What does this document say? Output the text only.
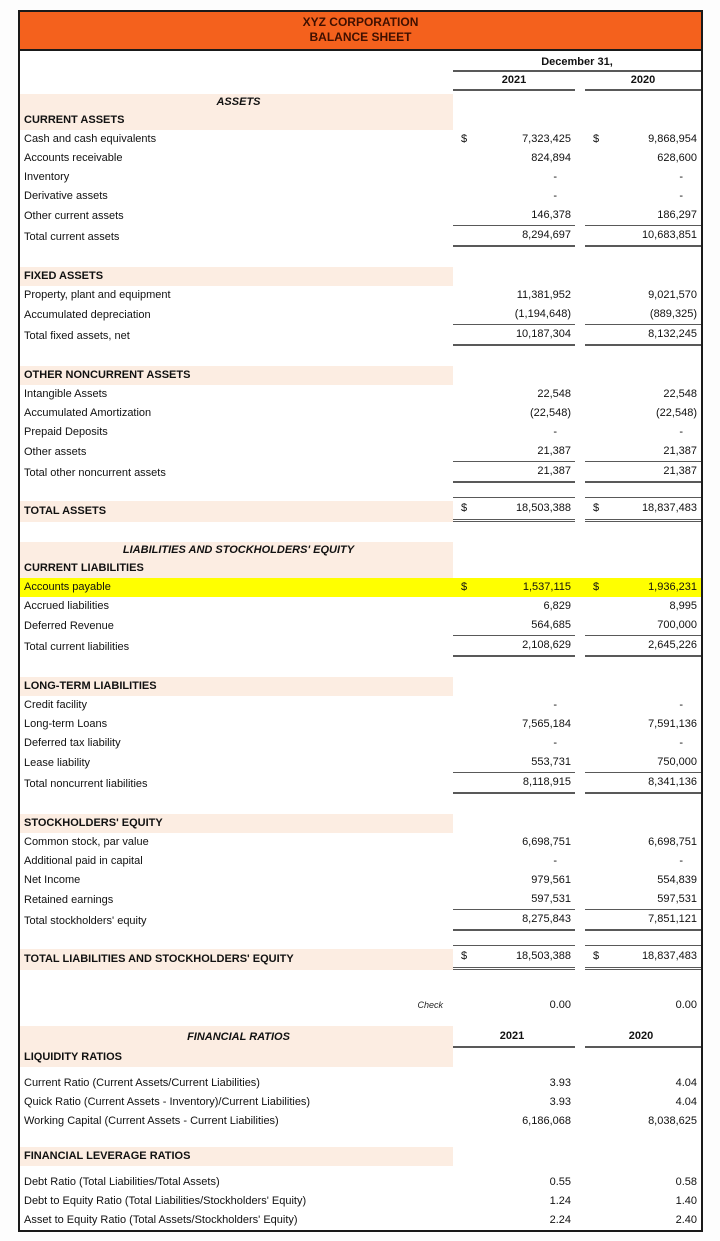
XYZ CORPORATION
BALANCE SHEET
December 31,
2021	2020
ASSETS
CURRENT ASSETS
Cash and cash equivalents	$	7,323,425	$	9,868,954
Accounts receivable	824,894	628,600
Inventory	-	-
Derivative assets	-	-
Other current assets	146,378	186,297
Total current assets	8,294,697	10,683,851
FIXED ASSETS
Property, plant and equipment	11,381,952	9,021,570
Accumulated depreciation	(1,194,648)	(889,325)
Total fixed assets, net	10,187,304	8,132,245
OTHER NONCURRENT ASSETS
Intangible Assets	22,548	22,548
Accumulated Amortization	(22,548)	(22,548)
Prepaid Deposits	-	-
Other assets	21,387	21,387
Total other noncurrent assets	21,387	21,387
TOTAL ASSETS	$	18,503,388	$	18,837,483
LIABILITIES AND STOCKHOLDERS' EQUITY
CURRENT LIABILITIES
Accounts payable	$	1,537,115	$	1,936,231
Accrued liabilities	6,829	8,995
Deferred Revenue	564,685	700,000
Total current liabilities	2,108,629	2,645,226
LONG-TERM LIABILITIES
Credit facility	-	-
Long-term Loans	7,565,184	7,591,136
Deferred tax liability	-	-
Lease liability	553,731	750,000
Total noncurrent liabilities	8,118,915	8,341,136
STOCKHOLDERS' EQUITY
Common stock, par value	6,698,751	6,698,751
Additional paid in capital	-	-
Net Income	979,561	554,839
Retained earnings	597,531	597,531
Total stockholders' equity	8,275,843	7,851,121
TOTAL LIABILITIES AND STOCKHOLDERS' EQUITY	$	18,503,388	$	18,837,483
Check	0.00	0.00
FINANCIAL RATIOS	2021	2020
LIQUIDITY RATIOS
Current Ratio (Current Assets/Current Liabilities)	3.93	4.04
Quick Ratio (Current Assets - Inventory)/Current Liabilities)	3.93	4.04
Working Capital (Current Assets - Current Liabilities)	6,186,068	8,038,625
FINANCIAL LEVERAGE RATIOS
Debt Ratio (Total Liabilities/Total Assets)	0.55	0.58
Debt to Equity Ratio (Total Liabilities/Stockholders' Equity)	1.24	1.40
Asset to Equity Ratio (Total Assets/Stockholders' Equity)	2.24	2.40
